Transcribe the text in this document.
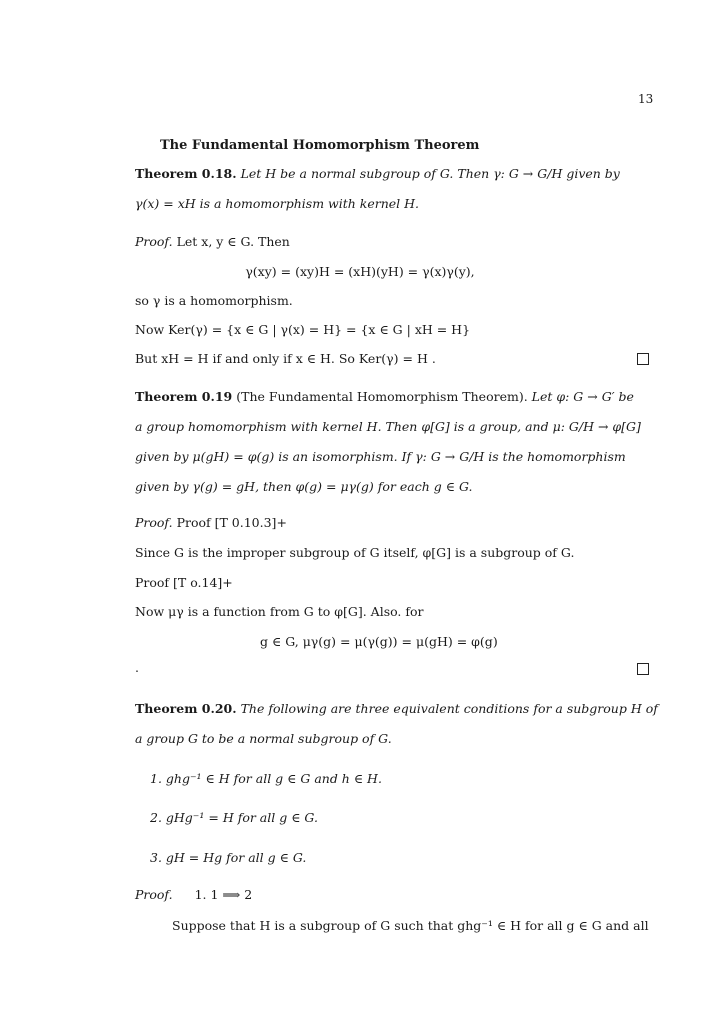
13
The Fundamental Homomorphism Theorem
Theorem 0.18. Let H be a normal subgroup of G. Then γ: G → G/H given by
γ(x) = xH is a homomorphism with kernel H.
Proof. Let x, y ∈ G. Then
γ(xy) = (xy)H = (xH)(yH) = γ(x)γ(y),
so γ is a homomorphism.
Now Ker(γ) = {x ∈ G | γ(x) = H} = {x ∈ G | xH = H}
But xH = H if and only if x ∈ H. So Ker(γ) = H .
Theorem 0.19 (The Fundamental Homomorphism Theorem). Let φ: G → G′ be
a group homomorphism with kernel H. Then φ[G] is a group, and μ: G/H → φ[G]
given by μ(gH) = φ(g) is an isomorphism. If γ: G → G/H is the homomorphism
given by γ(g) = gH, then φ(g) = μγ(g) for each g ∈ G.
Proof. Proof [T 0.10.3]+
Since G is the improper subgroup of G itself, φ[G] is a subgroup of G.
Proof [T o.14]+
Now μγ is a function from G to φ[G]. Also. for
g ∈ G, μγ(g) = μ(γ(g)) = μ(gH) = φ(g)
.
Theorem 0.20. The following are three equivalent conditions for a subgroup H of
a group G to be a normal subgroup of G.
1. ghg⁻¹ ∈ H for all g ∈ G and h ∈ H.
2. gHg⁻¹ = H for all g ∈ G.
3. gH = Hg for all g ∈ G.
Proof. 1. 1 ⟹ 2
Suppose that H is a subgroup of G such that ghg⁻¹ ∈ H for all g ∈ G and all
